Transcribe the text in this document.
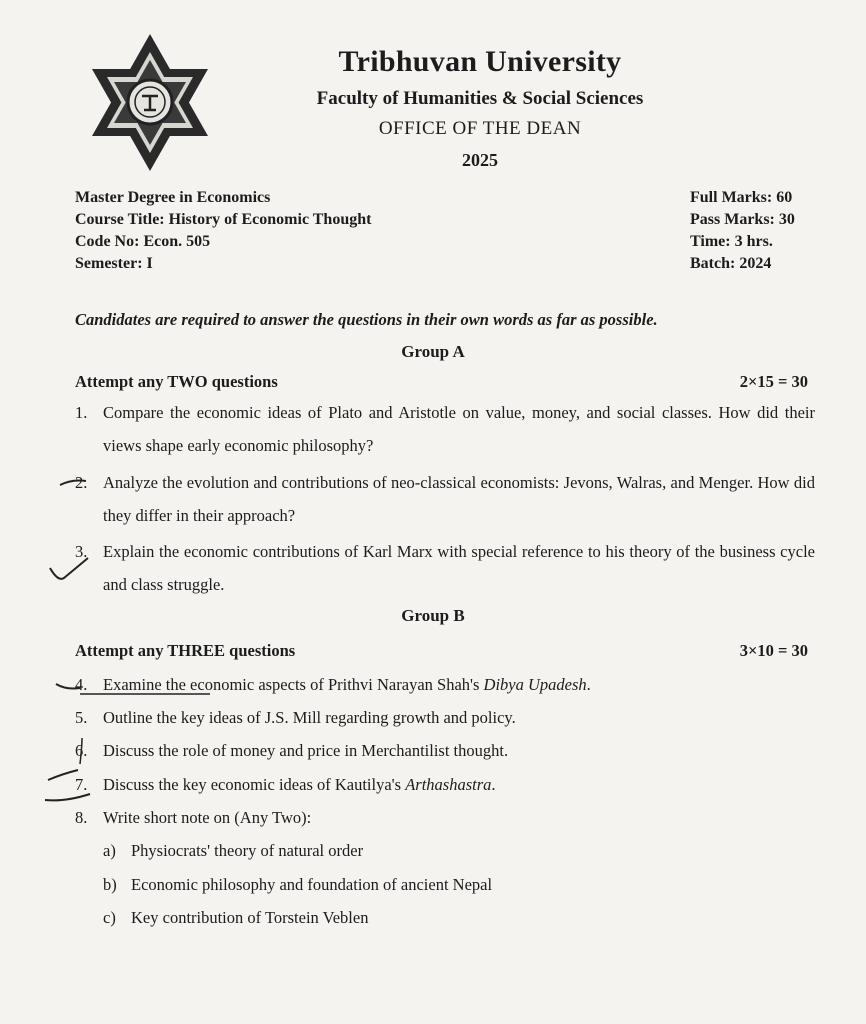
Tribhuvan University
Faculty of Humanities & Social Sciences
OFFICE OF THE DEAN
2025
Master Degree in Economics
Course Title: History of Economic Thought
Code No: Econ. 505
Semester: I
Full Marks: 60
Pass Marks: 30
Time: 3 hrs.
Batch: 2024
Candidates are required to answer the questions in their own words as far as possible.
Group A
Attempt any TWO questions	2×15 = 30
1. Compare the economic ideas of Plato and Aristotle on value, money, and social classes. How did their views shape early economic philosophy?
2. Analyze the evolution and contributions of neo-classical economists: Jevons, Walras, and Menger. How did they differ in their approach?
3. Explain the economic contributions of Karl Marx with special reference to his theory of the business cycle and class struggle.
Group B
Attempt any THREE questions	3×10 = 30
4. Examine the economic aspects of Prithvi Narayan Shah's Dibya Upadesh.
5. Outline the key ideas of J.S. Mill regarding growth and policy.
6. Discuss the role of money and price in Merchantilist thought.
7. Discuss the key economic ideas of Kautilya's Arthashastra.
8. Write short note on (Any Two):
a) Physiocrats' theory of natural order
b) Economic philosophy and foundation of ancient Nepal
c) Key contribution of Torstein Veblen
